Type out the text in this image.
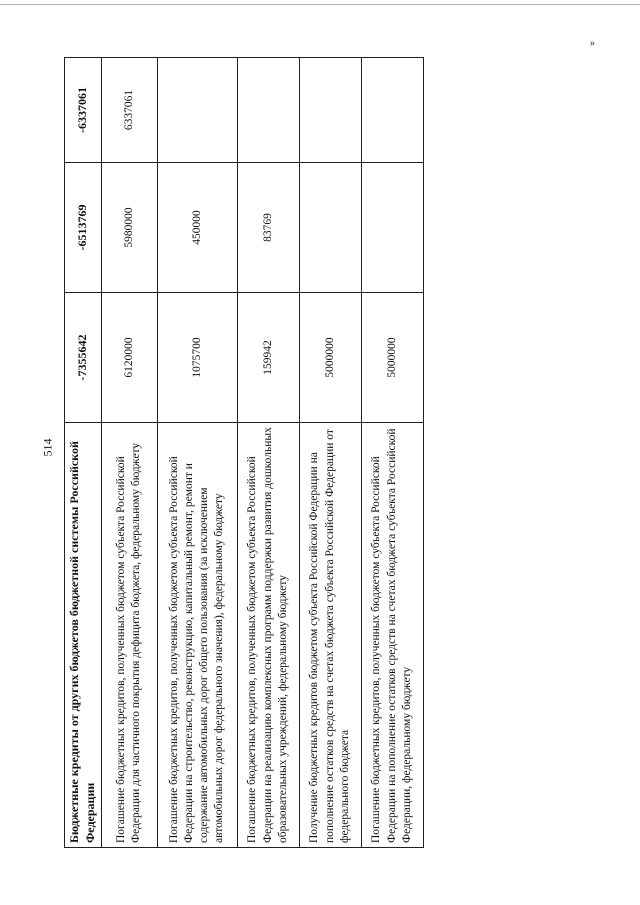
514
»
Бюджетные кредиты от других бюджетов бюджетной системы Российской Федерации	-7355642	-6513769	-6337061
Погашение бюджетных кредитов, полученных бюджетом субъекта Российской Федерации для частичного покрытия дефицита бюджета, федеральному бюджету	6120000	5980000	6337061
Погашение бюджетных кредитов, полученных бюджетом субъекта Российской Федерации на строительство, реконструкцию, капитальный ремонт, ремонт и содержание автомобильных дорог общего пользования (за исключением автомобильных дорог федерального значения), федеральному бюджету	1075700	450000	
Погашение бюджетных кредитов, полученных бюджетом субъекта Российской Федерации на реализацию комплексных программ поддержки развития дошкольных образовательных учреждений, федеральному бюджету	159942	83769	
Получение бюджетных кредитов бюджетом субъекта Российской Федерации на пополнение остатков средств на счетах бюджета субъекта Российской Федерации от федерального бюджета	5000000		
Погашение бюджетных кредитов, полученных бюджетом субъекта Российской Федерации на пополнение остатков средств на счетах бюджета субъекта Российской Федерации, федеральному бюджету	5000000		
